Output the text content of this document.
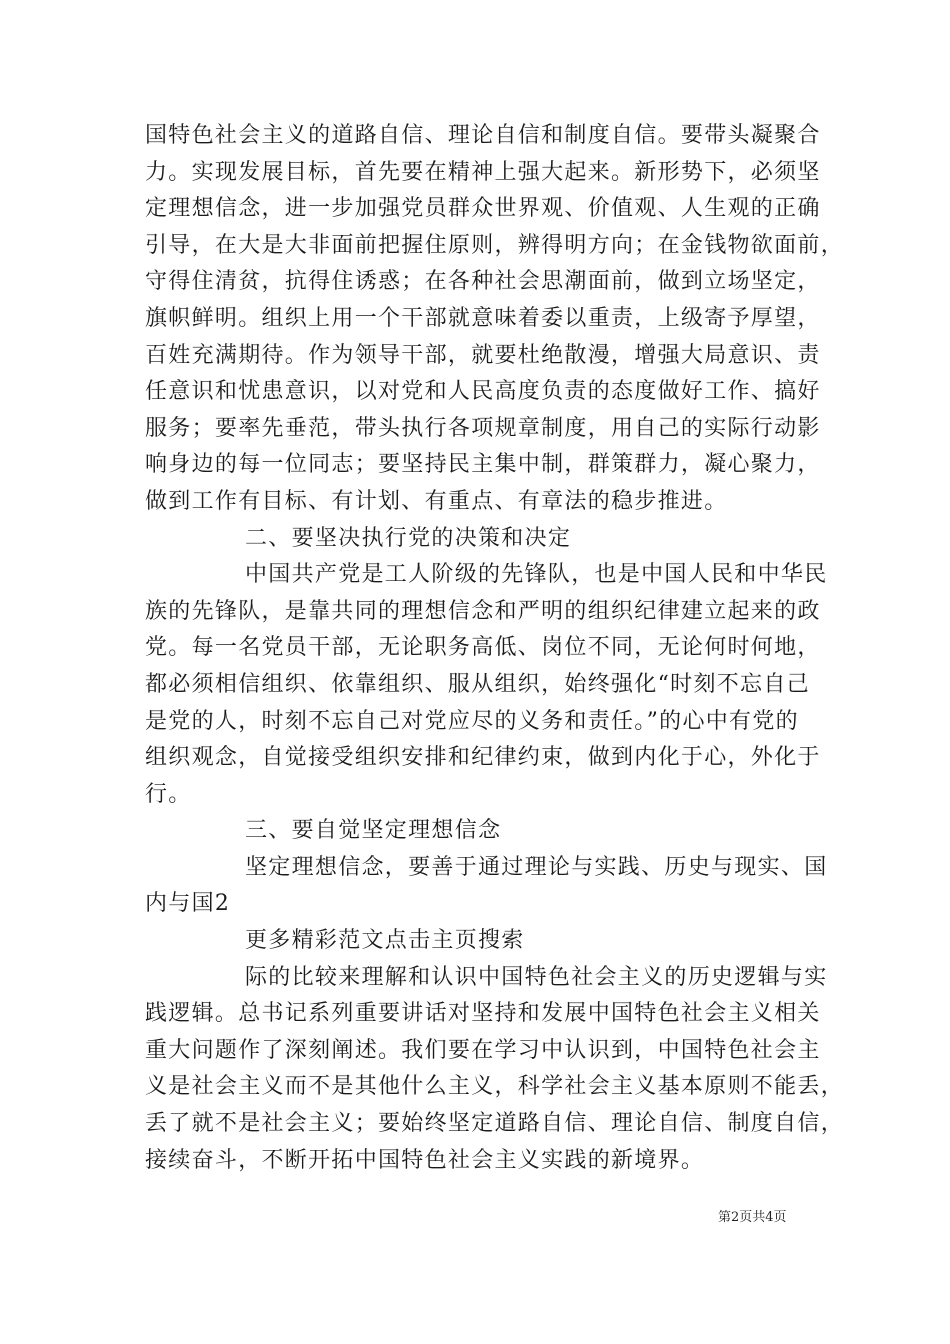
国特色社会主义的道路自信、理论自信和制度自信。要带头凝聚合
力。实现发展目标，首先要在精神上强大起来。新形势下，必须坚
定理想信念，进一步加强党员群众世界观、价值观、人生观的正确
引导，在大是大非面前把握住原则，辨得明方向；在金钱物欲面前，
守得住清贫，抗得住诱惑；在各种社会思潮面前，做到立场坚定，
旗帜鲜明。组织上用一个干部就意味着委以重责，上级寄予厚望，
百姓充满期待。作为领导干部，就要杜绝散漫，增强大局意识、责
任意识和忧患意识，以对党和人民高度负责的态度做好工作、搞好
服务；要率先垂范，带头执行各项规章制度，用自己的实际行动影
响身边的每一位同志；要坚持民主集中制，群策群力，凝心聚力，
做到工作有目标、有计划、有重点、有章法的稳步推进。
二、要坚决执行党的决策和决定
中国共产党是工人阶级的先锋队，也是中国人民和中华民
族的先锋队，是靠共同的理想信念和严明的组织纪律建立起来的政
党。每一名党员干部，无论职务高低、岗位不同，无论何时何地，
都必须相信组织、依靠组织、服从组织，始终强化“时刻不忘自己
是党的人，时刻不忘自己对党应尽的义务和责任。”的心中有党的
组织观念，自觉接受组织安排和纪律约束，做到内化于心，外化于
行。
三、要自觉坚定理想信念
坚定理想信念，要善于通过理论与实践、历史与现实、国
内与国2
更多精彩范文点击主页搜索
际的比较来理解和认识中国特色社会主义的历史逻辑与实
践逻辑。总书记系列重要讲话对坚持和发展中国特色社会主义相关
重大问题作了深刻阐述。我们要在学习中认识到，中国特色社会主
义是社会主义而不是其他什么主义，科学社会主义基本原则不能丢，
丢了就不是社会主义；要始终坚定道路自信、理论自信、制度自信，
接续奋斗，不断开拓中国特色社会主义实践的新境界。
第2页共4页
